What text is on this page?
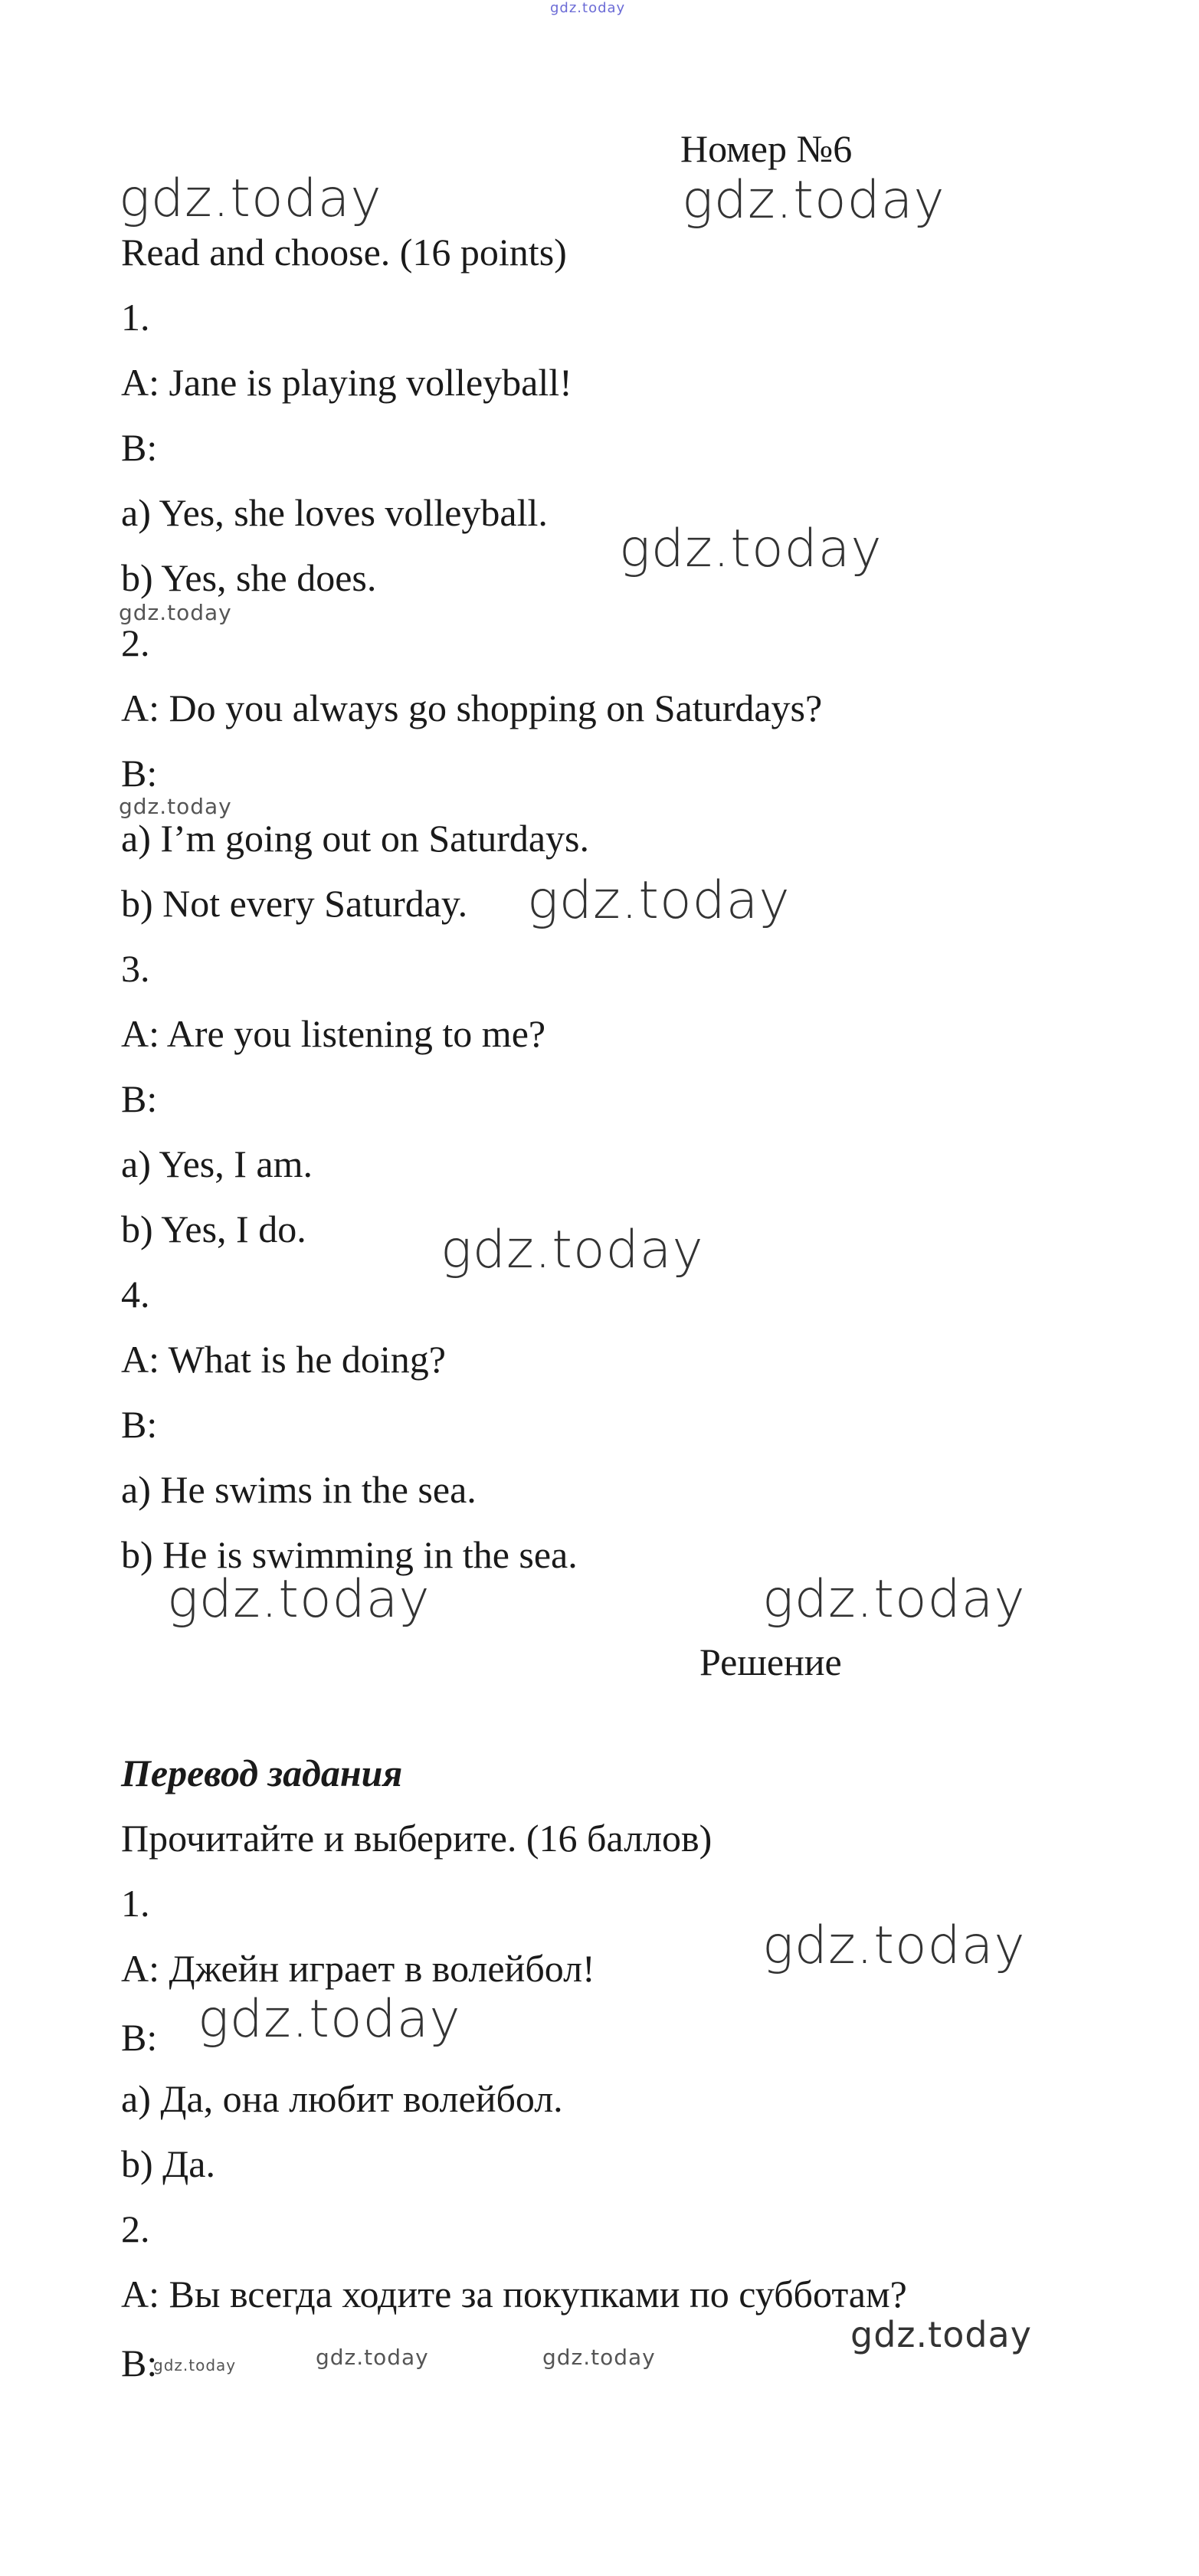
gdz.today
Номер №6
gdz.today	gdz.today
Read and choose. (16 points)
1.
A: Jane is playing volleyball!
B:
a) Yes, she loves volleyball.
gdz.today
b) Yes, she does.
gdz.today
2.
A: Do you always go shopping on Saturdays?
B:
gdz.today
a) I’m going out on Saturdays.
b) Not every Saturday. gdz.today
3.
A: Are you listening to me?
B:
a) Yes, I am.
b) Yes, I do.	gdz.today
4.
A: What is he doing?
B:
a) He swims in the sea.
b) He is swimming in the sea.
gdz.today	gdz.today
Решение
Перевод задания
Прочитайте и выберите. (16 баллов)
1.
gdz.today
A: Джейн играет в волейбол!
B: gdz.today
a) Да, она любит волейбол.
b) Да.
2.
A: Вы всегда ходите за покупками по субботам?
gdz.today
B:
gdz.today	gdz.today	gdz.today
